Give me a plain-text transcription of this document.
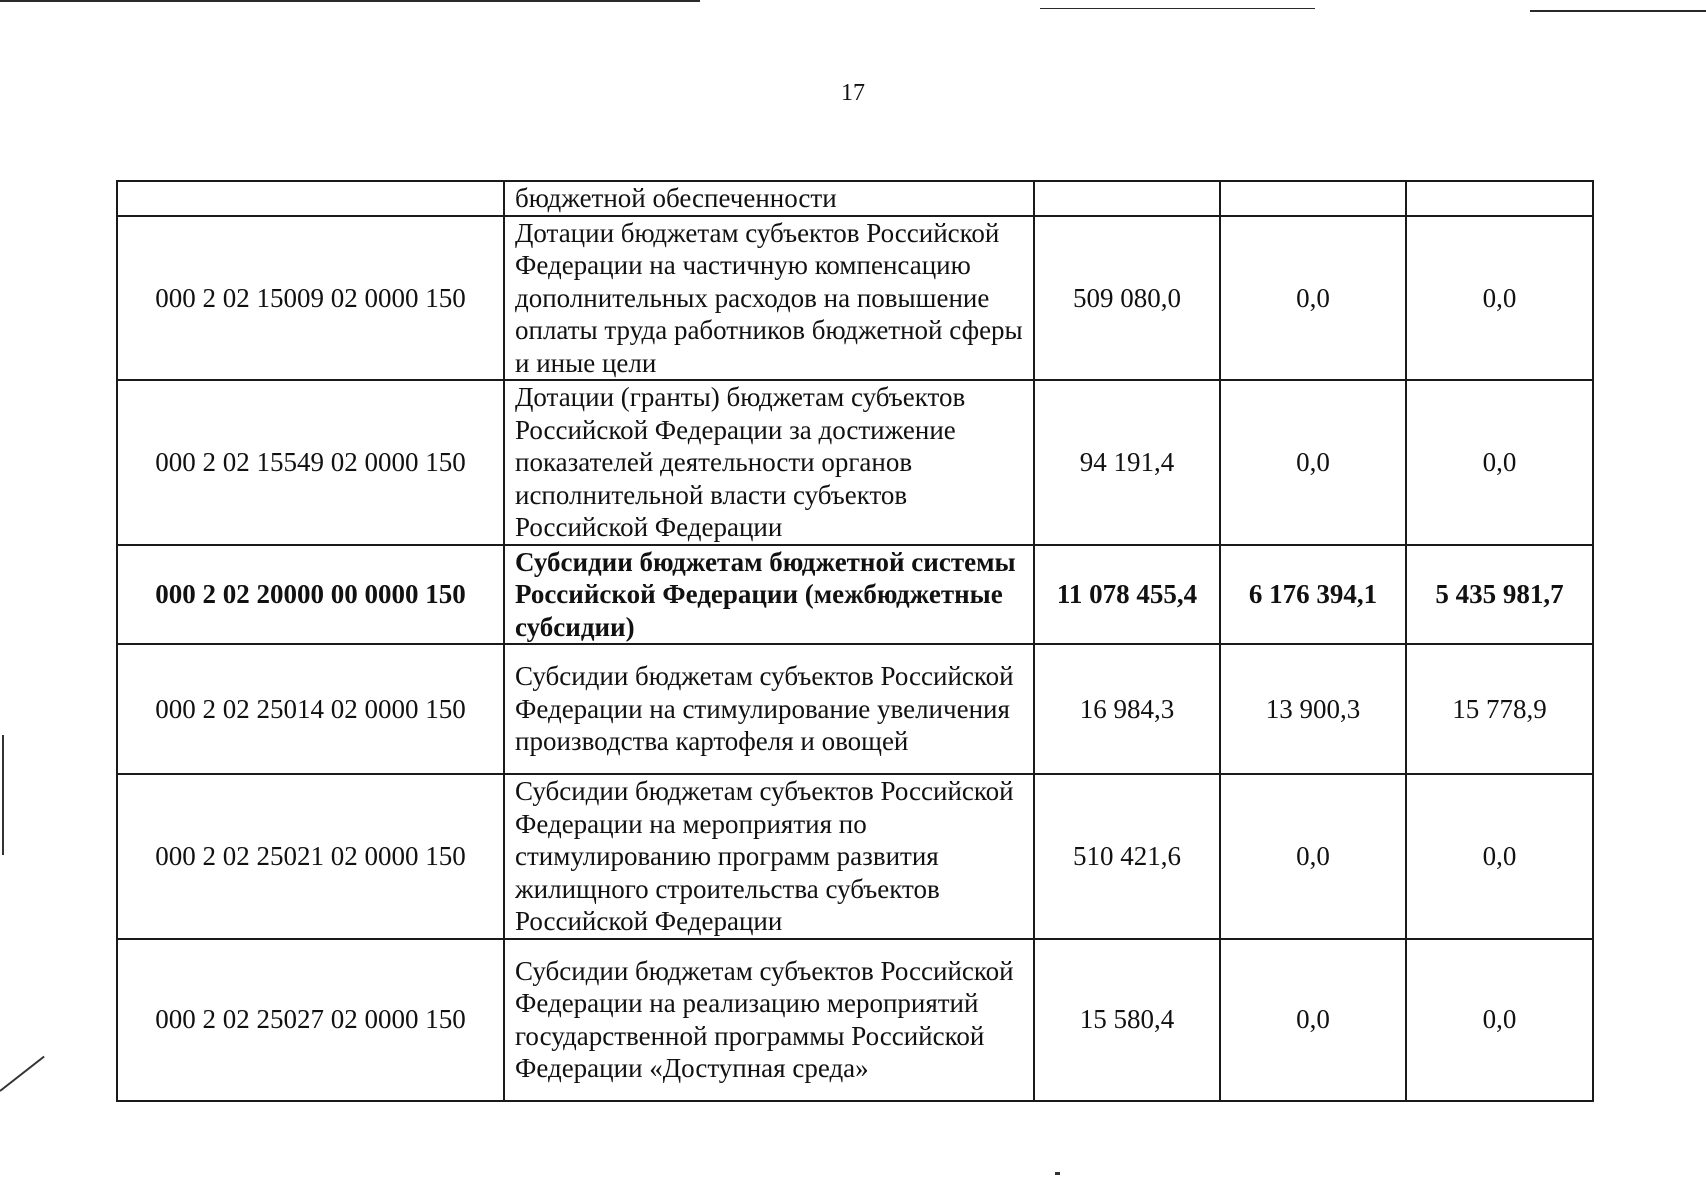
17
	бюджетной обеспеченности			
000 2 02 15009 02 0000 150	Дотации бюджетам субъектов Российской Федерации на частичную компенсацию дополнительных расходов на повышение оплаты труда работников бюджетной сферы и иные цели	509 080,0	0,0	0,0
000 2 02 15549 02 0000 150	Дотации (гранты) бюджетам субъектов Российской Федерации за достижение показателей деятельности органов исполнительной власти субъектов Российской Федерации	94 191,4	0,0	0,0
000 2 02 20000 00 0000 150	Субсидии бюджетам бюджетной системы Российской Федерации (межбюджетные субсидии)	11 078 455,4	6 176 394,1	5 435 981,7
000 2 02 25014 02 0000 150	Субсидии бюджетам субъектов Российской Федерации на стимулирование увеличения производства картофеля и овощей	16 984,3	13 900,3	15 778,9
000 2 02 25021 02 0000 150	Субсидии бюджетам субъектов Российской Федерации на мероприятия по стимулированию программ развития жилищного строительства субъектов Российской Федерации	510 421,6	0,0	0,0
000 2 02 25027 02 0000 150	Субсидии бюджетам субъектов Российской Федерации на реализацию мероприятий государственной программы Российской Федерации «Доступная среда»	15 580,4	0,0	0,0
